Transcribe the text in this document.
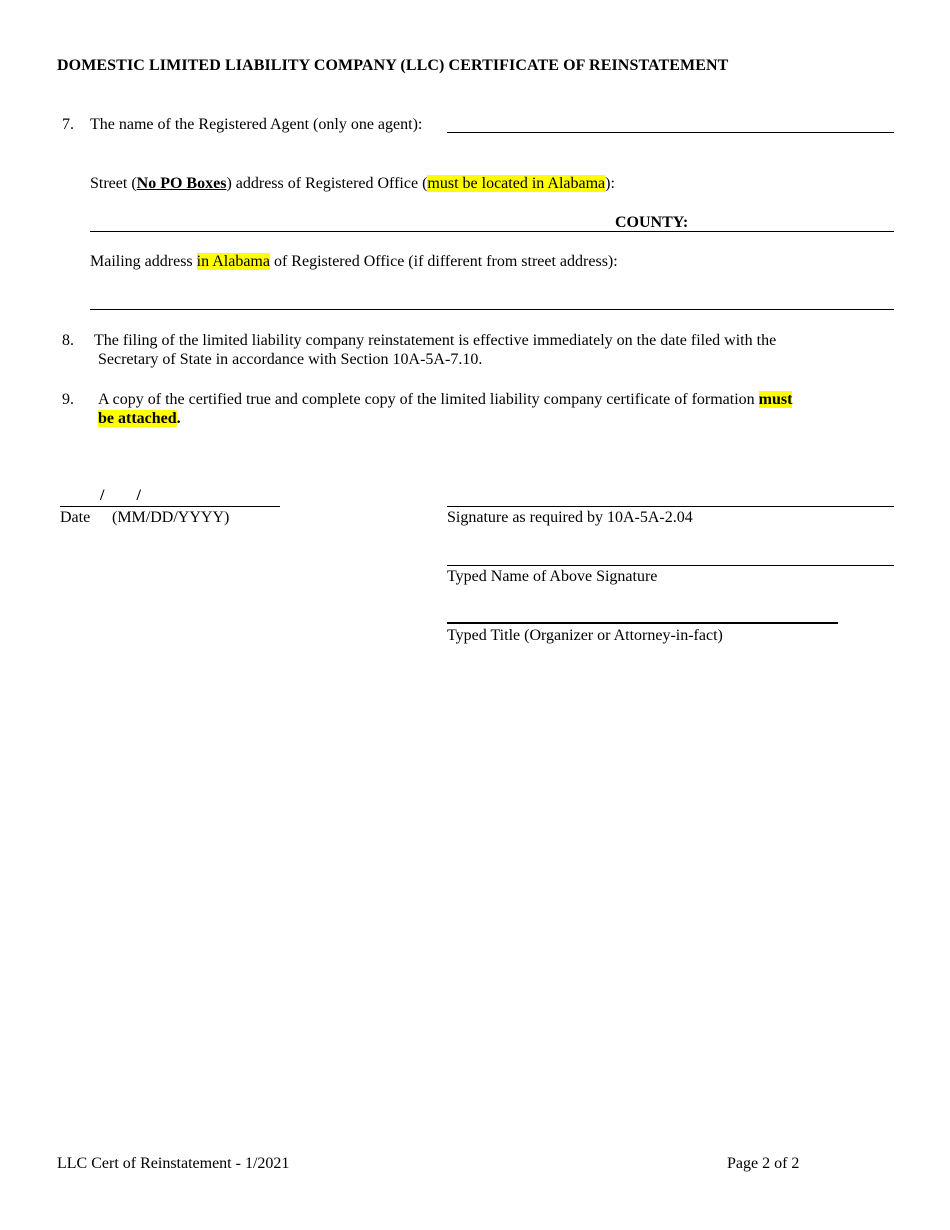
DOMESTIC LIMITED LIABILITY COMPANY (LLC) CERTIFICATE OF REINSTATEMENT
7. The name of the Registered Agent (only one agent):
Street (No PO Boxes) address of Registered Office (must be located in Alabama):
COUNTY:
Mailing address in Alabama of Registered Office (if different from street address):
8. The filing of the limited liability company reinstatement is effective immediately on the date filed with the
Secretary of State in accordance with Section 10A-5A-7.10.
9. A copy of the certified true and complete copy of the limited liability company certificate of formation must
be attached.
/        /
Date (MM/DD/YYYY)	Signature as required by 10A-5A-2.04
Typed Name of Above Signature
Typed Title (Organizer or Attorney-in-fact)
LLC Cert of Reinstatement - 1/2021	Page 2 of 2
